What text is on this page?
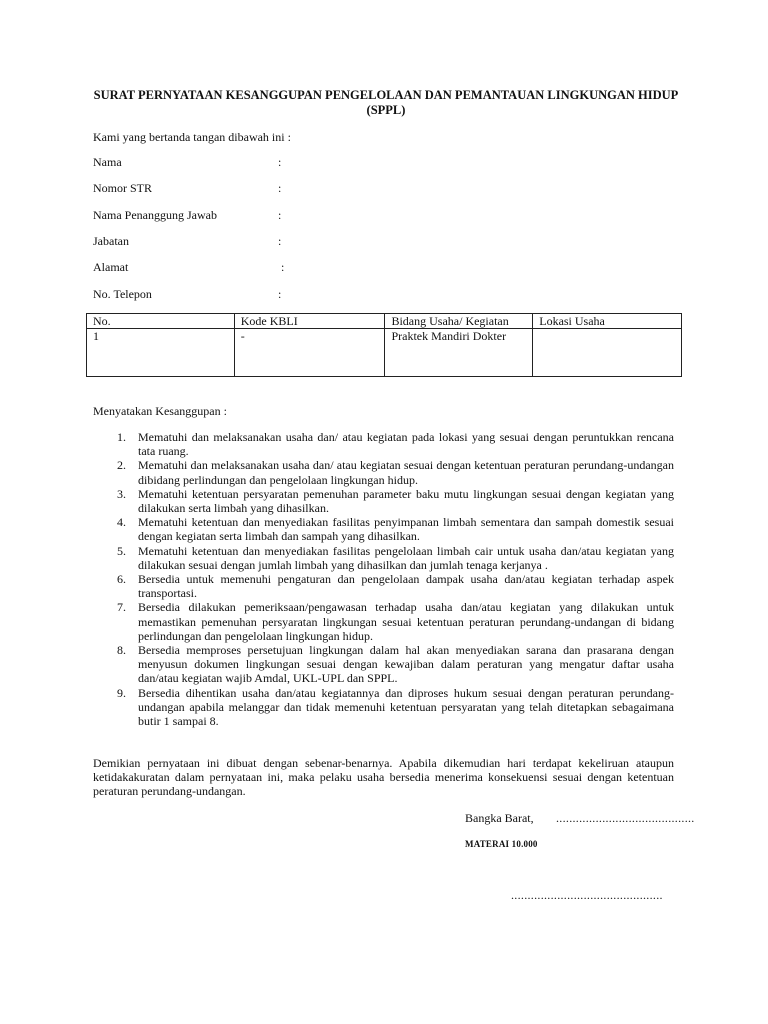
SURAT PERNYATAAN KESANGGUPAN PENGELOLAAN DAN PEMANTAUAN LINGKUNGAN HIDUP
(SPPL)
Kami yang bertanda tangan dibawah ini :
Nama	:
Nomor STR	:
Nama Penanggung Jawab	:
Jabatan	:
Alamat	:
No. Telepon	:
No.	Kode KBLI	Bidang Usaha/ Kegiatan	Lokasi Usaha
1	-	Praktek Mandiri Dokter	
Menyatakan Kesanggupan :
1. Mematuhi dan melaksanakan usaha dan/ atau kegiatan pada lokasi yang sesuai dengan peruntukkan rencana tata ruang.
2. Mematuhi dan melaksanakan usaha dan/ atau kegiatan sesuai dengan ketentuan peraturan perundang-undangan dibidang perlindungan dan pengelolaan lingkungan hidup.
3. Mematuhi ketentuan persyaratan pemenuhan parameter baku mutu lingkungan sesuai dengan kegiatan yang dilakukan serta limbah yang dihasilkan.
4. Mematuhi ketentuan dan menyediakan fasilitas penyimpanan limbah sementara dan sampah domestik sesuai dengan kegiatan serta limbah dan sampah yang dihasilkan.
5. Mematuhi ketentuan dan menyediakan fasilitas pengelolaan limbah cair untuk usaha dan/atau kegiatan yang dilakukan sesuai dengan jumlah limbah yang dihasilkan dan jumlah tenaga kerjanya .
6. Bersedia untuk memenuhi pengaturan dan pengelolaan dampak usaha dan/atau kegiatan terhadap aspek transportasi.
7. Bersedia dilakukan pemeriksaan/pengawasan terhadap usaha dan/atau kegiatan yang dilakukan untuk memastikan pemenuhan persyaratan lingkungan sesuai ketentuan peraturan perundang-undangan di bidang perlindungan dan pengelolaan lingkungan hidup.
8. Bersedia memproses persetujuan lingkungan dalam hal akan menyediakan sarana dan prasarana dengan menyusun dokumen lingkungan sesuai dengan kewajiban dalam peraturan yang mengatur daftar usaha dan/atau kegiatan wajib Amdal, UKL-UPL dan SPPL.
9. Bersedia dihentikan usaha dan/atau kegiatannya dan diproses hukum sesuai dengan peraturan perundang-undangan apabila melanggar dan tidak memenuhi ketentuan persyaratan yang telah ditetapkan sebagaimana butir 1 sampai 8.
Demikian pernyataan ini dibuat dengan sebenar-benarnya. Apabila dikemudian hari terdapat kekeliruan ataupun ketidakakuratan dalam pernyataan ini, maka pelaku usaha bersedia menerima konsekuensi sesuai dengan ketentuan peraturan perundang-undangan.
Bangka Barat, ..........................................
MATERAI 10.000
..............................................
